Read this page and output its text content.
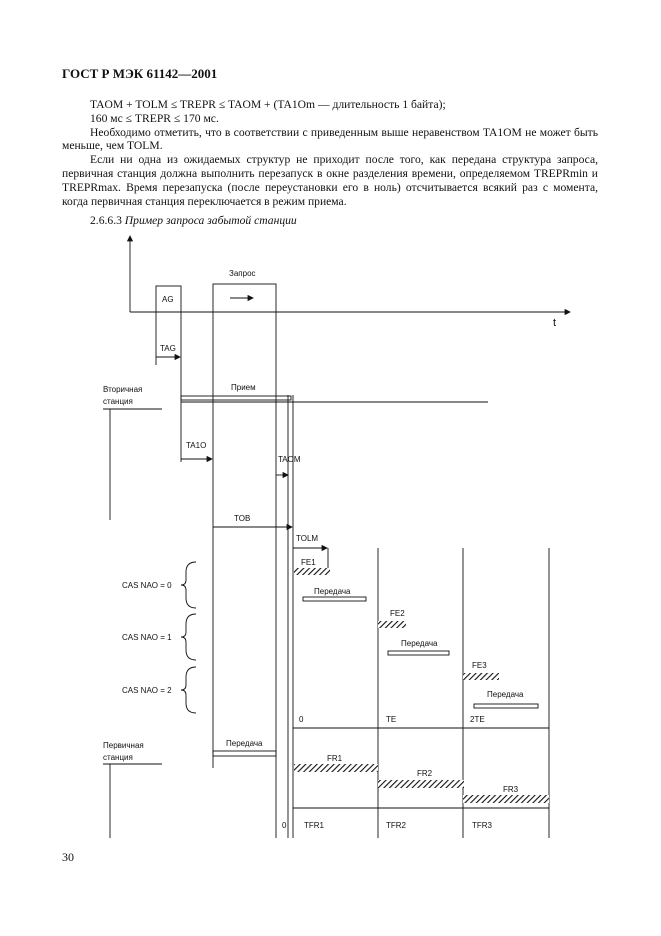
ГОСТ Р МЭК 61142—2001

TAOM + TOLM ≤ TREPR ≤ TAOM + (TA1Om — длительность 1 байта);

160 мс ≤ TREPR ≤ 170 мс.

Необходимо отметить, что в соответствии с приведенным выше неравенством TA1OM не может быть меньше, чем TOLM.

Если ни одна из ожидаемых структур не приходит после того, как передана структура запроса, первичная станция должна выполнить перезапуск в окне разделения времени, определяемом TREPRmin и TREPRmax. Время перезапуска (после переустановки его в ноль) отсчитывается всякий раз с момента, когда первичная станция переключается в режим приема.

2.6.6.3 Пример запроса забытой станции
AG
Запрос
t
TAG
Вторичная
станция
Прием
TA1O
TAOM
TOB
TOLM
FE1
Передача
FE2
Передача
FE3
Передача
CAS NAO = 0
CAS NAO = 1
CAS NAO = 2
0	TE	2TE
Первичная
станция
Передача
FR1
FR2
FR3
0 TFR1	TFR2	TFR3
30
